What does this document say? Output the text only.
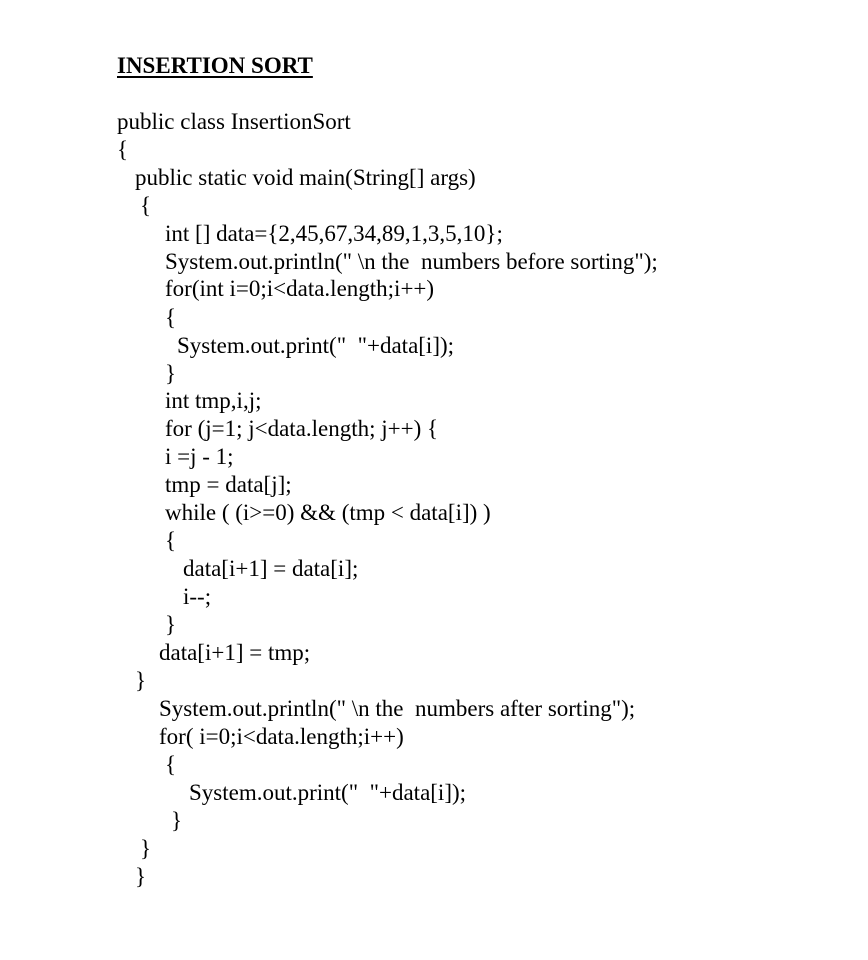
INSERTION SORT
public class InsertionSort
{
public static void main(String[] args)
{
int [] data={2,45,67,34,89,1,3,5,10};
System.out.println(" \n the  numbers before sorting");
for(int i=0;i<data.length;i++)
{
System.out.print("  "+data[i]);
}
int tmp,i,j;
for (j=1; j<data.length; j++) {
i =j - 1;
tmp = data[j];
while ( (i>=0) && (tmp < data[i]) )
{
data[i+1] = data[i];
i--;
}
data[i+1] = tmp;
}
System.out.println(" \n the  numbers after sorting");
for( i=0;i<data.length;i++)
{
System.out.print("  "+data[i]);
}
}
}
